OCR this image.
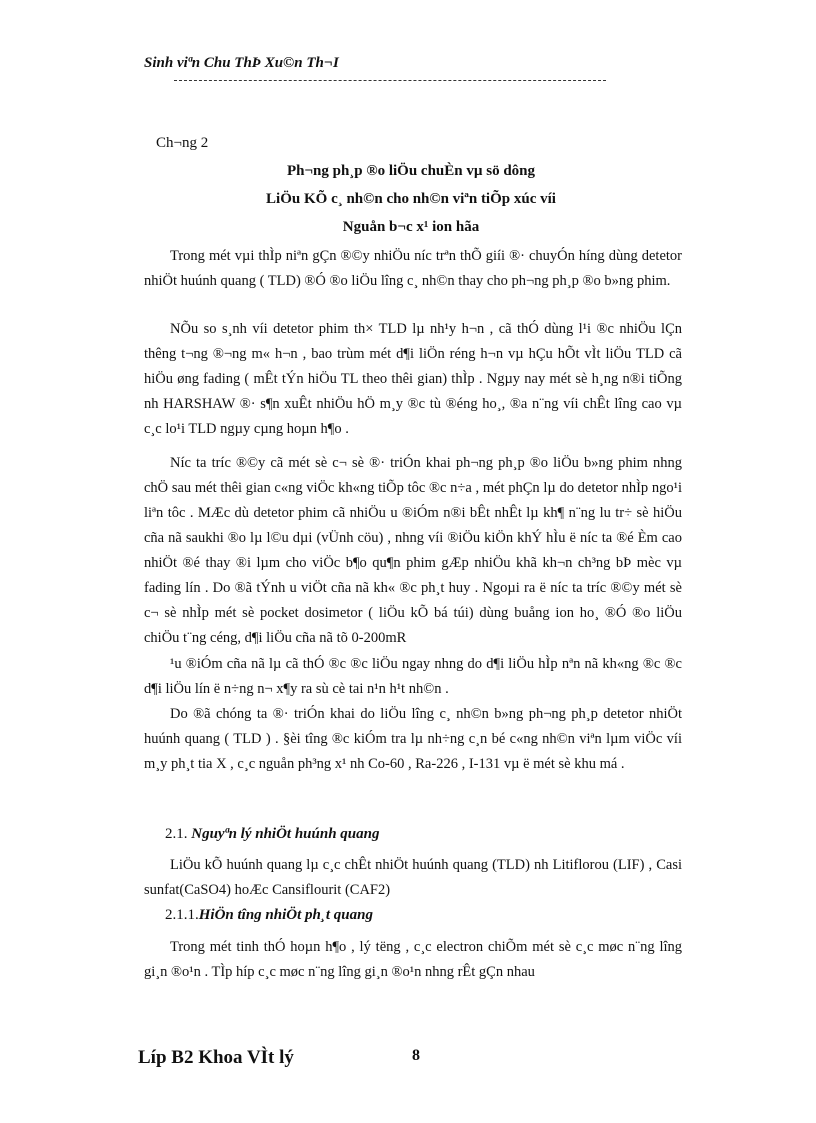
Sinh viªn Chu ThÞ Xu©n Th¬I
Ch¬ng 2
Ph¬ng ph¸p ®o liÖu chuÈn vµ sö dông
LiÖu KÕ c¸ nh©n cho nh©n viªn tiÕp xúc víi
Nguån b¬c x¹ ion hãa

Trong mét vµi thÌp niªn gÇn ®©y nhiÖu níc trªn thÕ giíi ®· chuyÓn híng dùng detetor nhiÖt huúnh quang ( TLD) ®Ó ®o liÖu lîng c¸ nh©n thay cho ph¬ng ph¸p ®o b»ng phim.

NÕu so s¸nh víi detetor phim th× TLD lµ nh¹y h¬n , cã thÓ dùng l¹i ®c nhiÖu lÇn thêng t¬ng ®¬ng m« h¬n , bao trùm mét d¶i liÖn réng h¬n vµ hÇu hÕt vÌt liÖu TLD cã hiÖu øng fading ( mÊt tÝn hiÖu TL theo thêi gian) thÌp . Ngµy nay mét sè h¸ng n®i tiÕng nh HARSHAW ®· s¶n xuÊt nhiÖu hÖ m¸y ®c tù ®éng ho¸, ®a n¨ng víi chÊt lîng cao vµ c¸c lo¹i TLD ngµy cµng hoµn h¶o .

Níc ta tríc ®©y cã mét sè c¬ sè ®· triÓn khai ph¬ng ph¸p ®o liÖu b»ng phim nhng chÖ sau mét thêi gian c«ng viÖc kh«ng tiÕp tôc ®c n÷a , mét phÇn lµ do detetor nhÌp ngo¹i liªn tôc . MÆc dù detetor phim cã nhiÖu u ®iÓm n®i bÊt nhÊt lµ kh¶ n¨ng lu tr÷ sè hiÖu cña nã saukhi ®o lµ l©u dµi (vÜnh cöu) , nhng víi ®iÖu kiÖn khÝ hÌu ë níc ta ®é Èm cao nhiÖt ®é thay ®i lµm cho viÖc b¶o qu¶n phim gÆp nhiÖu khã kh¬n ch³ng bÞ mèc vµ fading lín . Do ®ã tÝnh u viÖt cña nã kh« ®c ph¸t huy . Ngoµi ra ë níc ta tríc ®©y mét sè c¬ sè nhÌp mét sè pocket dosimetor ( liÖu kÕ bá túi) dùng buång ion ho¸ ®Ó ®o liÖu chiÖu t¨ng céng, d¶i liÖu cña nã tõ 0-200mR

¹u ®iÓm cña nã lµ cã thÓ ®c ®c liÖu ngay nhng do d¶i liÖu hÌp nªn nã kh«ng ®c ®c d¶i liÖu lín ë n÷ng n¬ x¶y ra sù cè tai n¹n h¹t nh©n .

Do ®ã chóng ta ®· triÓn khai do liÖu lîng c¸ nh©n b»ng ph¬ng ph¸p detetor nhiÖt huúnh quang ( TLD ) . §èi tîng ®c kiÓm tra lµ nh÷ng c¸n bé c«ng nh©n viªn lµm viÖc víi m¸y ph¸t tia X , c¸c nguån ph³ng x¹ nh Co-60 , Ra-226 , I-131 vµ ë mét sè khu má .

2.1. Nguyªn lý nhiÖt huúnh quang

LiÖu kÕ huúnh quang lµ c¸c chÊt nhiÖt huúnh quang (TLD) nh Litiflorou (LIF) , Casi sunfat(CaSO4) hoÆc Cansiflourit (CAF2)

2.1.1.HiÖn tîng nhiÖt ph¸t quang

Trong mét tinh thÓ hoµn h¶o , lý tëng , c¸c electron chiÕm mét sè c¸c møc n¨ng lîng gi¸n ®o¹n . TÌp híp c¸c møc n¨ng lîng gi¸n ®o¹n nhng rÊt gÇn nhau

Líp B2 Khoa VÌt lý	8
